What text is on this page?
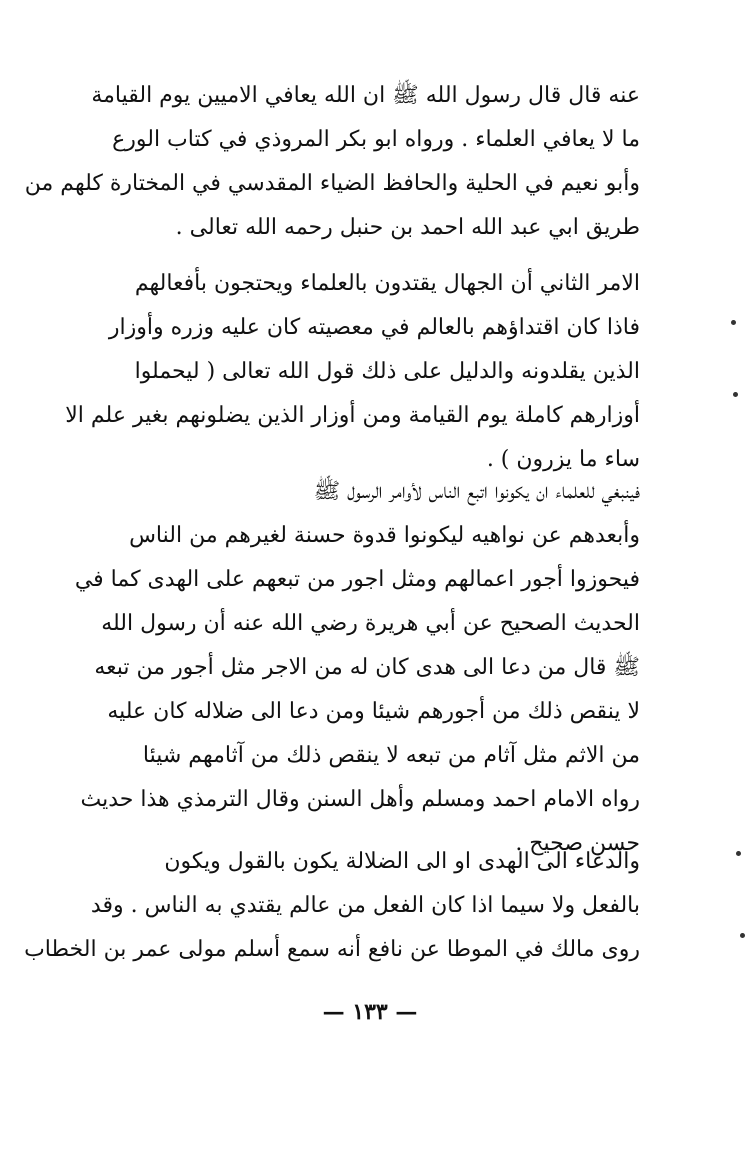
عنه قال قال رسول الله ﷺ ان الله يعافي الاميين يوم القيامة
ما لا يعافي العلماء . ورواه ابو بكر المروذي في كتاب الورع
وأبو نعيم في الحلية والحافظ الضياء المقدسي في المختارة كلهم من
طريق ابي عبد الله احمد بن حنبل رحمه الله تعالى .
الامر الثاني أن الجهال يقتدون بالعلماء ويحتجون بأفعالهم
فاذا كان اقتداؤهم بالعالم في معصيته كان عليه وزره وأوزار
الذين يقلدونه والدليل على ذلك قول الله تعالى ( ليحملوا
أوزارهم كاملة يوم القيامة ومن أوزار الذين يضلونهم بغير علم الا
ساء ما يزرون ) .
فينبغي للعلماء ان يكونوا اتبع الناس لأوامر الرسول ﷺ
وأبعدهم عن نواهيه ليكونوا قدوة حسنة لغيرهم من الناس
فيحوزوا أجور اعمالهم ومثل اجور من تبعهم على الهدى كما في
الحديث الصحيح عن أبي هريرة رضي الله عنه أن رسول الله
ﷺ قال من دعا الى هدى كان له من الاجر مثل أجور من تبعه
لا ينقص ذلك من أجورهم شيئا ومن دعا الى ضلاله كان عليه
من الاثم مثل آثام من تبعه لا ينقص ذلك من آثامهم شيئا
رواه الامام احمد ومسلم وأهل السنن وقال الترمذي هذا حديث
حسن صحيح .
والدعاء الى الهدى او الى الضلالة يكون بالقول ويكون
بالفعل ولا سيما اذا كان الفعل من عالم يقتدي به الناس . وقد
روى مالك في الموطا عن نافع أنه سمع أسلم مولى عمر بن الخطاب
— ١٣٣ —
